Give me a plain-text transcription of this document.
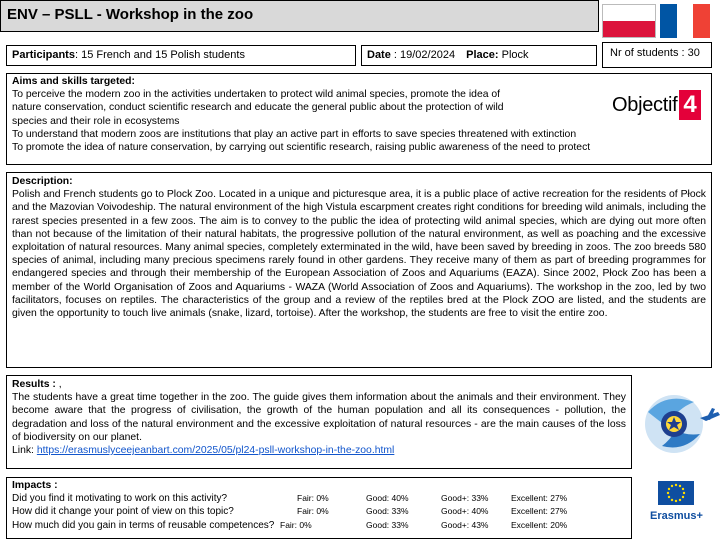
ENV – PSLL - Workshop in the zoo
Participants: 15 French and 15 Polish students	Date : 19/02/2024 Place: Plock	Nr of students : 30
Aims and skills targeted:
To perceive the modern zoo in the activities undertaken to protect wild animal species, promote the idea of
nature conservation, conduct scientific research and educate the general public about the protection of wild
species and their role in ecosystems
To understand that modern zoos are institutions that play an active part in efforts to save species threatened with extinction
To promote the idea of nature conservation, by carrying out scientific research, raising public awareness of the need to protect
Objectif 4
Description:
Polish and French students go to Plock Zoo. Located in a unique and picturesque area, it is a public place of active recreation for the residents of Płock and the Mazovian Voivodeship. The natural environment of the high Vistula escarpment creates right conditions for breeding wild animals, including the rarest species presented in a few zoos. The aim is to convey to the public the idea of protecting wild animal species, which are dying out more often than not because of the limitation of their natural habitats, the progressive pollution of the natural environment, as well as poaching and the excessive exploitation of natural resources. Many animal species, completely exterminated in the wild, have been saved by breeding in zoos. The zoo breeds 580 species of animal, including many precious specimens rarely found in other gardens. They receive many of them as part of breeding programmes for endangered species and through their membership of the European Association of Zoos and Aquariums (EAZA). Since 2002, Płock Zoo has been a member of the World Organisation of Zoos and Aquariums - WAZA (World Association of Zoos and Aquariums). The workshop in the zoo, led by two facilitators, focuses on reptiles. The characteristics of the group and a review of the reptiles bred at the Plock ZOO are listed, and the students are given the opportunity to touch live animals (snake, lizard, tortoise). After the workshop, the students are free to visit the entire zoo.
Results : ,
The students have a great time together in the zoo. The guide gives them information about the animals and their environment. They become aware that the progress of civilisation, the growth of the human population and all its consequences - pollution, the degradation and loss of the natural environment and the excessive exploitation of natural resources - are the main causes of the loss of biodiversity on our planet.
Link: https://erasmuslyceejeanbart.com/2025/05/pl24-psll-workshop-in-the-zoo.html
Impacts :
Did you find it motivating to work on this activity?	Fair: 0%	Good: 40%	Good+: 33%	Excellent: 27%
How did it change your point of view on this topic?	Fair: 0%	Good: 33%	Good+: 40%	Excellent: 27%
How much did you gain in terms of reusable competences? Fair: 0%	Good: 33%	Good+: 43%	Excellent: 20%
Erasmus+
